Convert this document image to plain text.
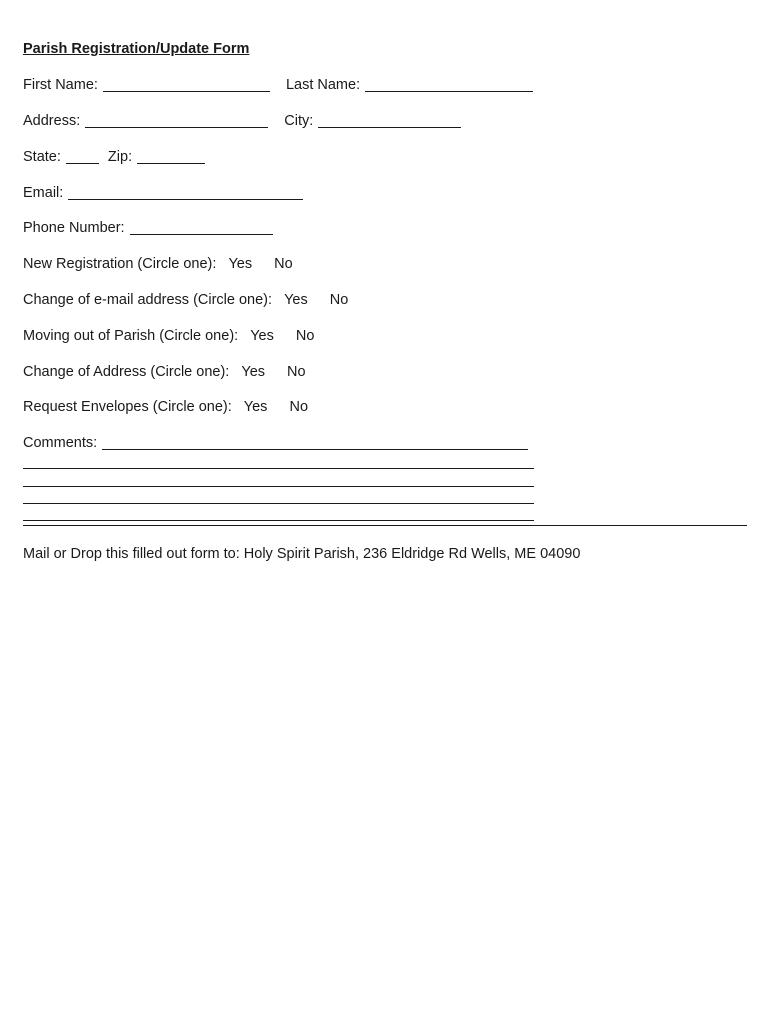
Parish Registration/Update Form
First Name:	Last Name:
Address:	City:
State:	Zip:
Email:
Phone Number:
New Registration (Circle one): Yes No
Change of e-mail address (Circle one): Yes No
Moving out of Parish (Circle one): Yes No
Change of Address (Circle one): Yes No
Request Envelopes (Circle one): Yes No
Comments:
Mail or Drop this filled out form to: Holy Spirit Parish, 236 Eldridge Rd Wells, ME 04090
